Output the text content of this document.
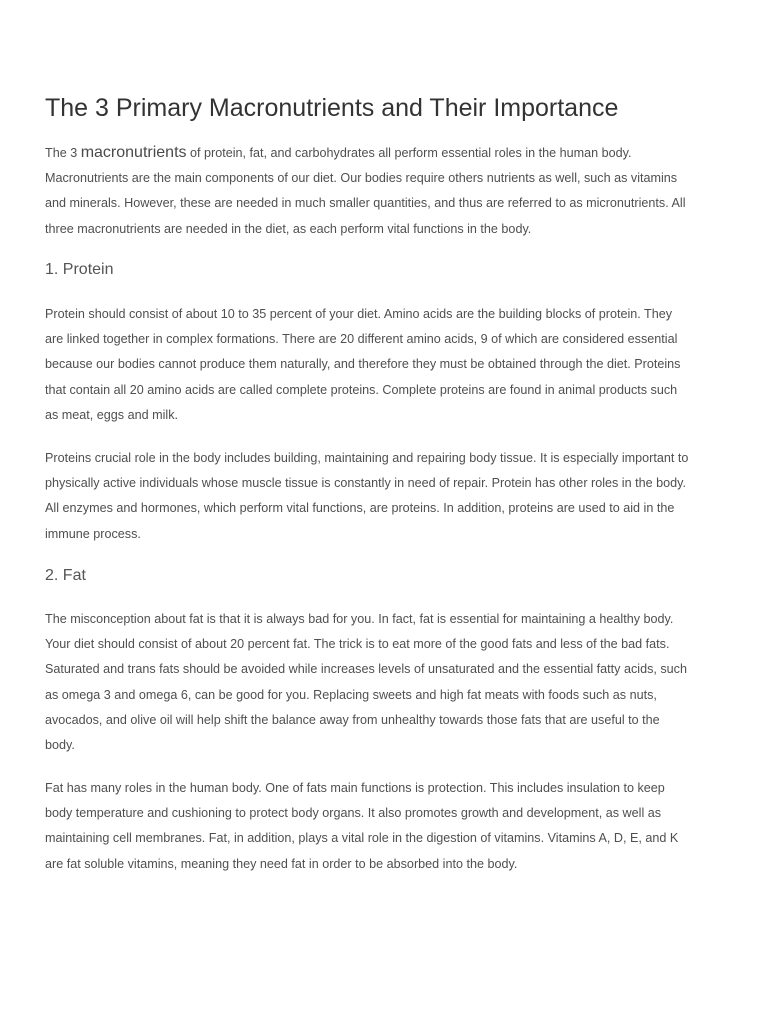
The 3 Primary Macronutrients and Their Importance

The 3 macronutrients of protein, fat, and carbohydrates all perform essential roles in the human body.
Macronutrients are the main components of our diet. Our bodies require others nutrients as well, such as vitamins
and minerals. However, these are needed in much smaller quantities, and thus are referred to as micronutrients. All
three macronutrients are needed in the diet, as each perform vital functions in the body.

1. Protein

Protein should consist of about 10 to 35 percent of your diet. Amino acids are the building blocks of protein. They
are linked together in complex formations. There are 20 different amino acids, 9 of which are considered essential
because our bodies cannot produce them naturally, and therefore they must be obtained through the diet. Proteins
that contain all 20 amino acids are called complete proteins. Complete proteins are found in animal products such
as meat, eggs and milk.

Proteins crucial role in the body includes building, maintaining and repairing body tissue. It is especially important to
physically active individuals whose muscle tissue is constantly in need of repair. Protein has other roles in the body.
All enzymes and hormones, which perform vital functions, are proteins. In addition, proteins are used to aid in the
immune process.

2. Fat

The misconception about fat is that it is always bad for you. In fact, fat is essential for maintaining a healthy body.
Your diet should consist of about 20 percent fat. The trick is to eat more of the good fats and less of the bad fats.
Saturated and trans fats should be avoided while increases levels of unsaturated and the essential fatty acids, such
as omega 3 and omega 6, can be good for you. Replacing sweets and high fat meats with foods such as nuts,
avocados, and olive oil will help shift the balance away from unhealthy towards those fats that are useful to the
body.

Fat has many roles in the human body. One of fats main functions is protection. This includes insulation to keep
body temperature and cushioning to protect body organs. It also promotes growth and development, as well as
maintaining cell membranes. Fat, in addition, plays a vital role in the digestion of vitamins. Vitamins A, D, E, and K
are fat soluble vitamins, meaning they need fat in order to be absorbed into the body.
